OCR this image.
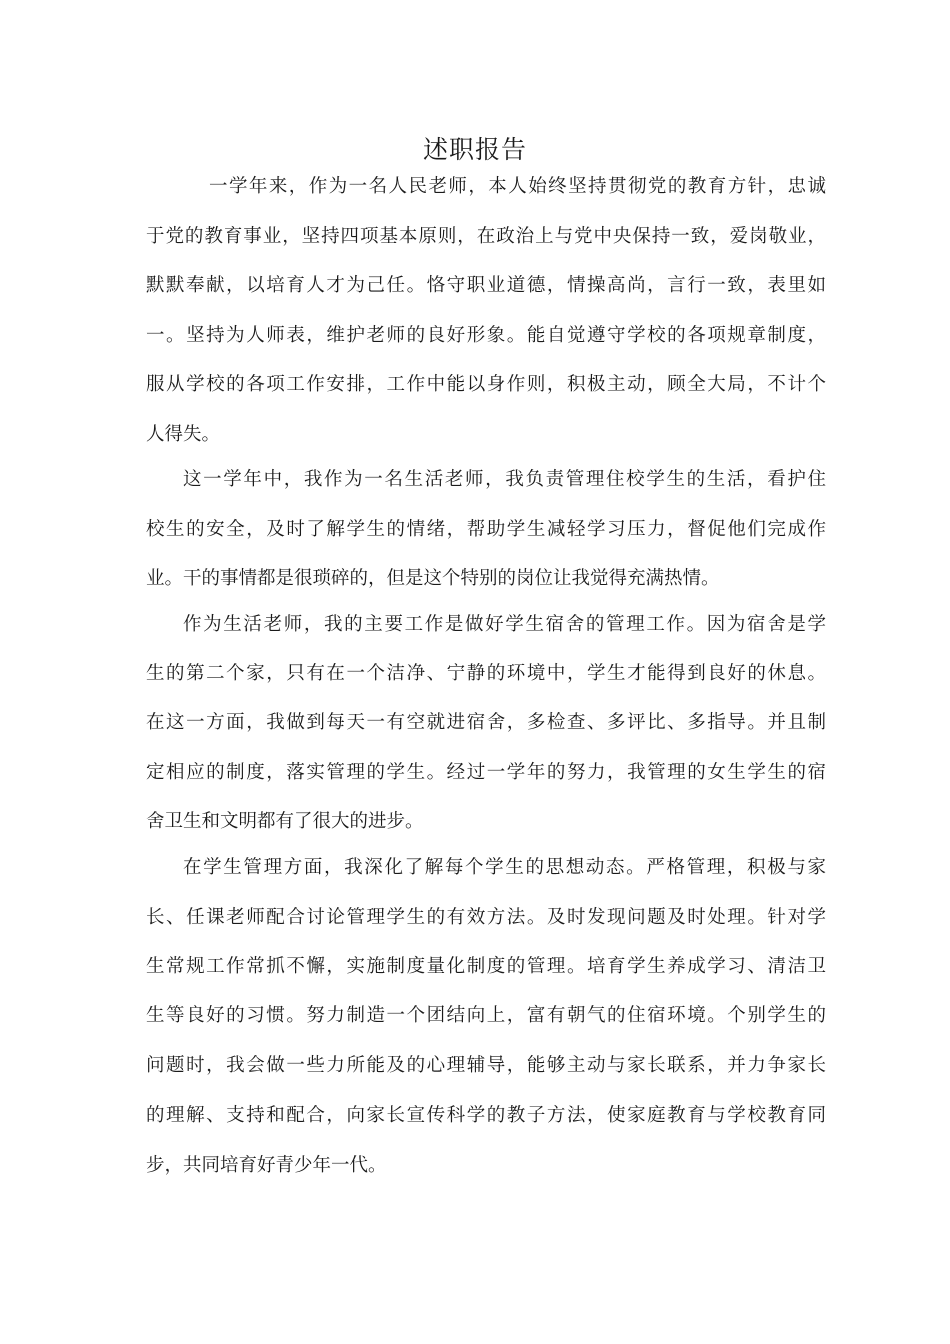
述职报告
一学年来，作为一名人民老师，本人始终坚持贯彻党的教育方针，忠诚
于党的教育事业，坚持四项基本原则，在政治上与党中央保持一致，爱岗敬业，
默默奉献，以培育人才为己任。恪守职业道德，情操高尚，言行一致，表里如
一。坚持为人师表，维护老师的良好形象。能自觉遵守学校的各项规章制度，
服从学校的各项工作安排，工作中能以身作则，积极主动，顾全大局，不计个
人得失。
这一学年中，我作为一名生活老师，我负责管理住校学生的生活，看护住
校生的安全，及时了解学生的情绪，帮助学生减轻学习压力，督促他们完成作
业。干的事情都是很琐碎的，但是这个特别的岗位让我觉得充满热情。
作为生活老师，我的主要工作是做好学生宿舍的管理工作。因为宿舍是学
生的第二个家，只有在一个洁净、宁静的环境中，学生才能得到良好的休息。
在这一方面，我做到每天一有空就进宿舍，多检查、多评比、多指导。并且制
定相应的制度，落实管理的学生。经过一学年的努力，我管理的女生学生的宿
舍卫生和文明都有了很大的进步。
在学生管理方面，我深化了解每个学生的思想动态。严格管理，积极与家
长、任课老师配合讨论管理学生的有效方法。及时发现问题及时处理。针对学
生常规工作常抓不懈，实施制度量化制度的管理。培育学生养成学习、清洁卫
生等良好的习惯。努力制造一个团结向上，富有朝气的住宿环境。个别学生的
问题时，我会做一些力所能及的心理辅导，能够主动与家长联系，并力争家长
的理解、支持和配合，向家长宣传科学的教子方法，使家庭教育与学校教育同
步，共同培育好青少年一代。
